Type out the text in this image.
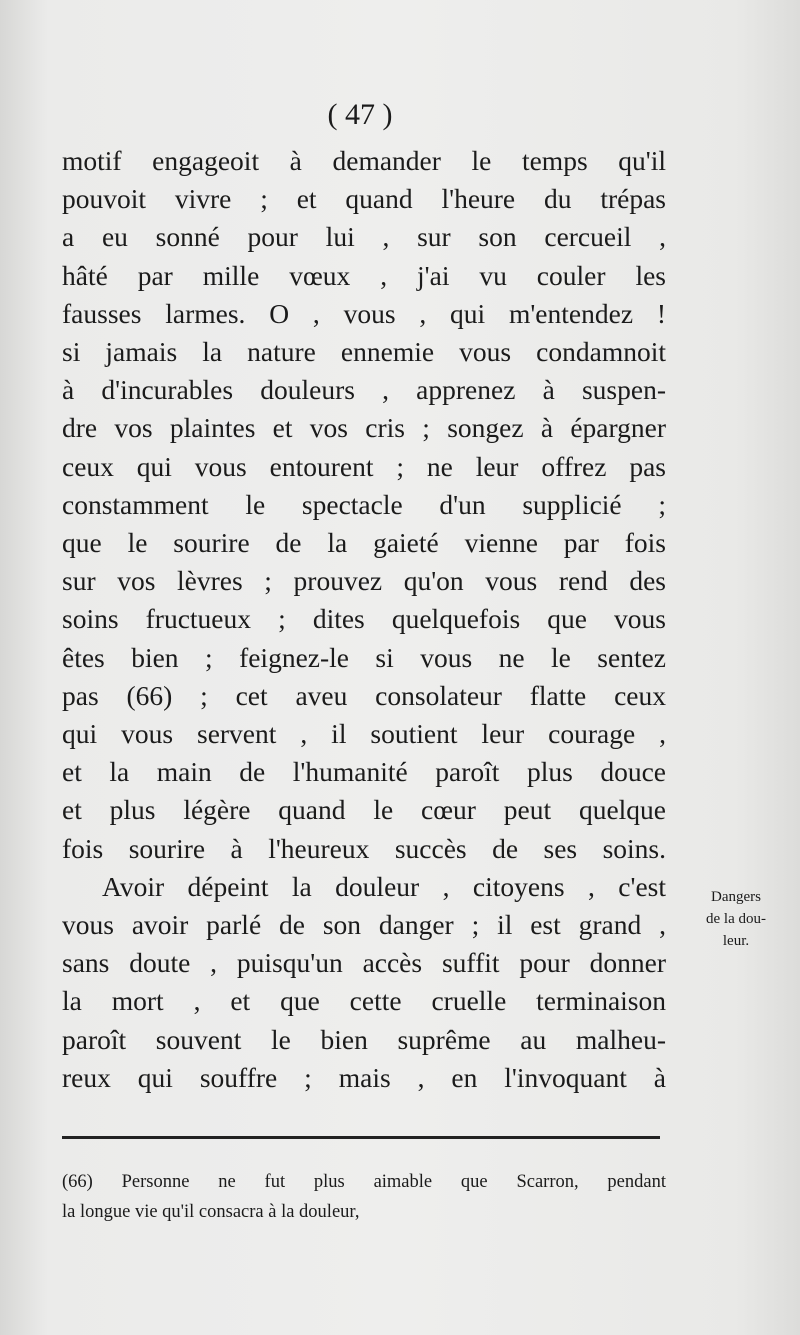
( 47 )
motif engageoit à demander le temps qu'il
pouvoit vivre ; et quand l'heure du trépas
a eu sonné pour lui , sur son cercueil ,
hâté par mille vœux , j'ai vu couler les
fausses larmes. O , vous , qui m'entendez !
si jamais la nature ennemie vous condamnoit
à d'incurables douleurs , apprenez à suspen-
dre vos plaintes et vos cris ; songez à épargner
ceux qui vous entourent ; ne leur offrez pas
constamment le spectacle d'un supplicié ;
que le sourire de la gaieté vienne par fois
sur vos lèvres ; prouvez qu'on vous rend des
soins fructueux ; dites quelquefois que vous
êtes bien ; feignez-le si vous ne le sentez
pas (66) ; cet aveu consolateur flatte ceux
qui vous servent , il soutient leur courage ,
et la main de l'humanité paroît plus douce
et plus légère quand le cœur peut quelque
fois sourire à l'heureux succès de ses soins.
Avoir dépeint la douleur , citoyens , c'est
vous avoir parlé de son danger ; il est grand ,
sans doute , puisqu'un accès suffit pour donner
la mort , et que cette cruelle terminaison
paroît souvent le bien suprême au malheu-
reux qui souffre ; mais , en l'invoquant à
Dangers
de la dou-
leur.
(66) Personne ne fut plus aimable que Scarron, pendant
la longue vie qu'il consacra à la douleur,
